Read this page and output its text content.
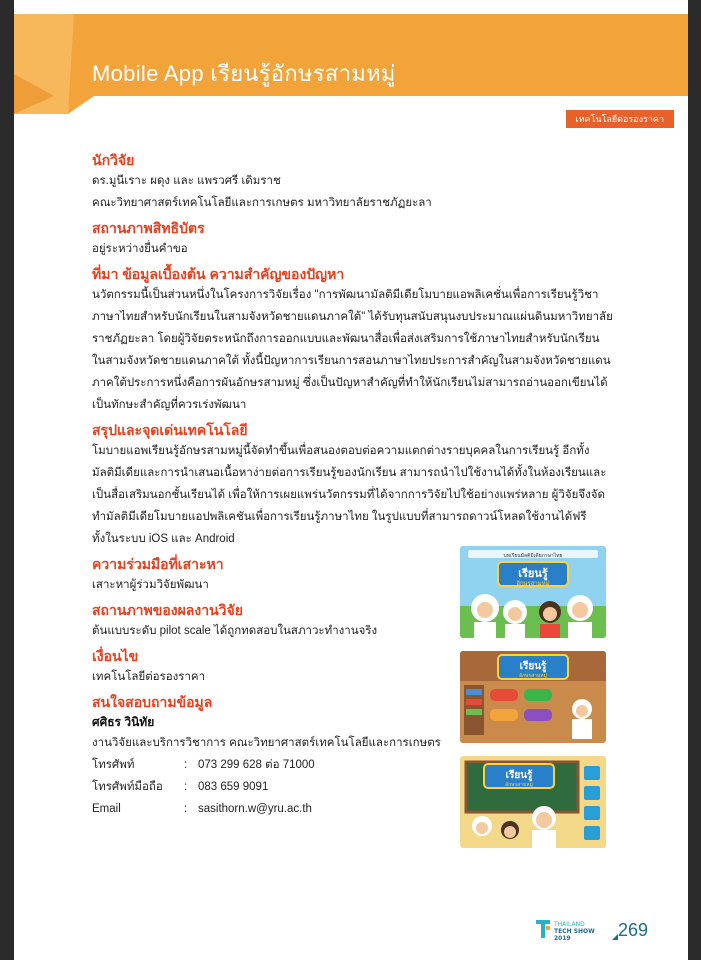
Mobile App เรียนรู้อักษรสามหมู่
เทคโนโลยีต่อรองราคา

นักวิจัย

ดร.มูนีเราะ ผดุง และ แพรวศรี เดิมราช

คณะวิทยาศาสตร์เทคโนโลยีและการเกษตร มหาวิทยาลัยราชภัฏยะลา

สถานภาพสิทธิบัตร

อยู่ระหว่างยื่นคำขอ

ที่มา ข้อมูลเบื้องต้น ความสำคัญของปัญหา

นวัตกรรมนี้เป็นส่วนหนึ่งในโครงการวิจัยเรื่อง "การพัฒนามัลติมีเดียโมบายแอพลิเคชั่นเพื่อการเรียนรู้วิชา

ภาษาไทยสำหรับนักเรียนในสามจังหวัดชายแดนภาคใต้" ได้รับทุนสนับสนุนงบประมาณแผ่นดินมหาวิทยาลัย

ราชภัฏยะลา โดยผู้วิจัยตระหนักถึงการออกแบบและพัฒนาสื่อเพื่อส่งเสริมการใช้ภาษาไทยสำหรับนักเรียน

ในสามจังหวัดชายแดนภาคใต้ ทั้งนี้ปัญหาการเรียนการสอนภาษาไทยประการสำคัญในสามจังหวัดชายแดน

ภาคใต้ประการหนึ่งคือการผันอักษรสามหมู่ ซึ่งเป็นปัญหาสำคัญที่ทำให้นักเรียนไม่สามารถอ่านออกเขียนได้

เป็นทักษะสำคัญที่ควรเร่งพัฒนา

สรุปและจุดเด่นเทคโนโลยี

โมบายแอพเรียนรู้อักษรสามหมู่นี้จัดทำขึ้นเพื่อสนองตอบต่อความแตกต่างรายบุคคลในการเรียนรู้ อีกทั้ง

มัลติมีเดียและการนำเสนอเนื้อหาง่ายต่อการเรียนรู้ของนักเรียน สามารถนำไปใช้งานได้ทั้งในห้องเรียนและ

เป็นสื่อเสริมนอกชั้นเรียนได้ เพื่อให้การเผยแพร่นวัตกรรมที่ได้จากการวิจัยไปใช้อย่างแพร่หลาย ผู้วิจัยจึงจัด

ทำมัลติมีเดียโมบายแอปพลิเคชันเพื่อการเรียนรู้ภาษาไทย ในรูปแบบที่สามารถดาวน์โหลดใช้งานได้ฟรี

ทั้งในระบบ iOS และ Android

ความร่วมมือที่เสาะหา

เสาะหาผู้ร่วมวิจัยพัฒนา

สถานภาพของผลงานวิจัย

ต้นแบบระดับ pilot scale ได้ถูกทดสอบในสภาวะทำงานจริง

เงื่อนไข

เทคโนโลยีต่อรองราคา

สนใจสอบถามข้อมูล

ศศิธร วินิทัย

งานวิจัยและบริการวิชาการ คณะวิทยาศาสตร์เทคโนโลยีและการเกษตร

โทรศัพท์	: 073 299 628 ต่อ 71000
โทรศัพท์มือถือ	: 083 659 9091
Email	: sasithorn.w@yru.ac.th
บทเรียนมัลติมีเดียภาษาไทย
เรียนรู้
อักษรสามหมู่

เรียนรู้
อักษรสามหมู่

เรียนรู้
อักษรสามหมู่
THAILAND
TECH SHOW
2019	269
